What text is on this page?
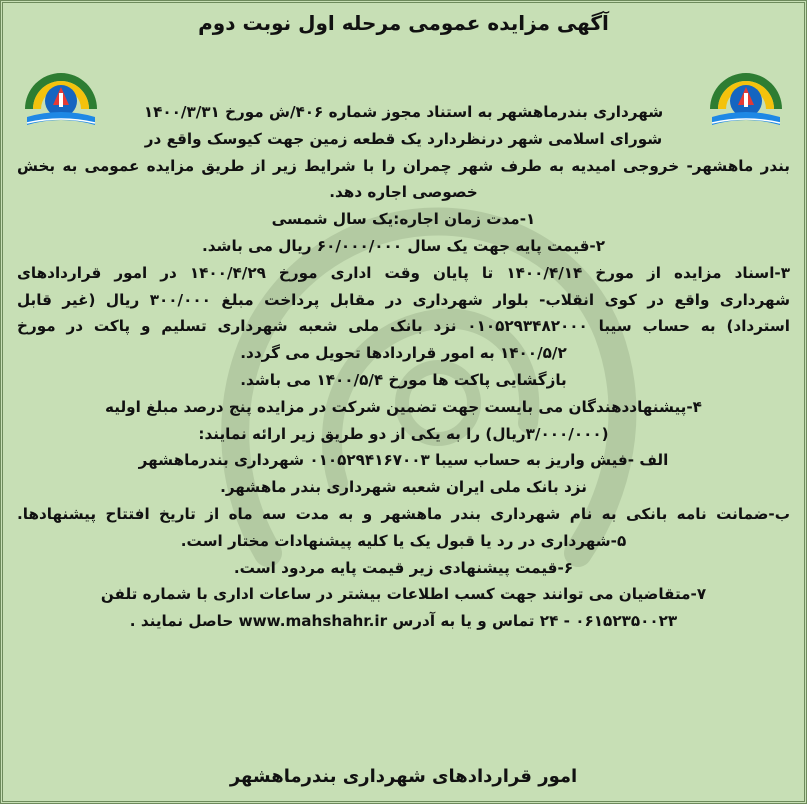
آگهی مزایده عمومی مرحله اول نوبت دوم

شهرداری بندرماهشهر به استناد مجوز شماره ۴۰۶/ش مورخ ۱۴۰۰/۳/۳۱

شورای اسلامی شهر درنظردارد یک قطعه زمین جهت کیوسک واقع در

بندر ماهشهر- خروجی امیدیه به طرف شهر چمران را با شرایط زیر از طریق مزایده عمومی به بخش

خصوصی اجاره دهد.

۱-مدت زمان اجاره:یک سال شمسی

۲-قیمت پایه جهت یک سال ۶۰/۰۰۰/۰۰۰ ریال می باشد.

۳-اسناد مزایده از مورخ ۱۴۰۰/۴/۱۴ تا پایان وقت اداری مورخ ۱۴۰۰/۴/۲۹ در امور قراردادهای

شهرداری واقع در کوی انقلاب- بلوار شهرداری در مقابل پرداخت مبلغ ۳۰۰/۰۰۰ ریال (غیر قابل

استرداد) به حساب سیبا ۰۱۰۵۲۹۳۴۸۲۰۰۰ نزد بانک ملی شعبه شهرداری تسلیم و پاکت در مورخ

۱۴۰۰/۵/۲ به امور قراردادها تحویل می گردد.

بازگشایی پاکت ها مورخ ۱۴۰۰/۵/۴ می باشد.

۴-پیشنهاددهندگان می بایست جهت تضمین شرکت در مزایده پنج درصد مبلغ اولیه

(۳/۰۰۰/۰۰۰ریال) را به یکی از دو طریق زیر ارائه نمایند:

الف -فیش واریز به حساب سیبا ۰۱۰۵۲۹۴۱۶۷۰۰۳ شهرداری بندرماهشهر

نزد بانک ملی ایران شعبه شهرداری بندر ماهشهر.

ب-ضمانت نامه بانکی به نام شهرداری بندر ماهشهر و به مدت سه ماه از تاریخ افتتاح پیشنهادها.

۵-شهرداری در رد یا قبول یک یا کلیه پیشنهادات مختار است.

۶-قیمت پیشنهادی زیر قیمت پایه مردود است.

۷-متقاضیان می توانند جهت کسب اطلاعات بیشتر در ساعات اداری با شماره تلفن

۰۶۱۵۲۳۵۰۰۲۳ - ۲۴ تماس و یا به آدرس www.mahshahr.ir حاصل نمایند .

امور قراردادهای شهرداری بندرماهشهر
